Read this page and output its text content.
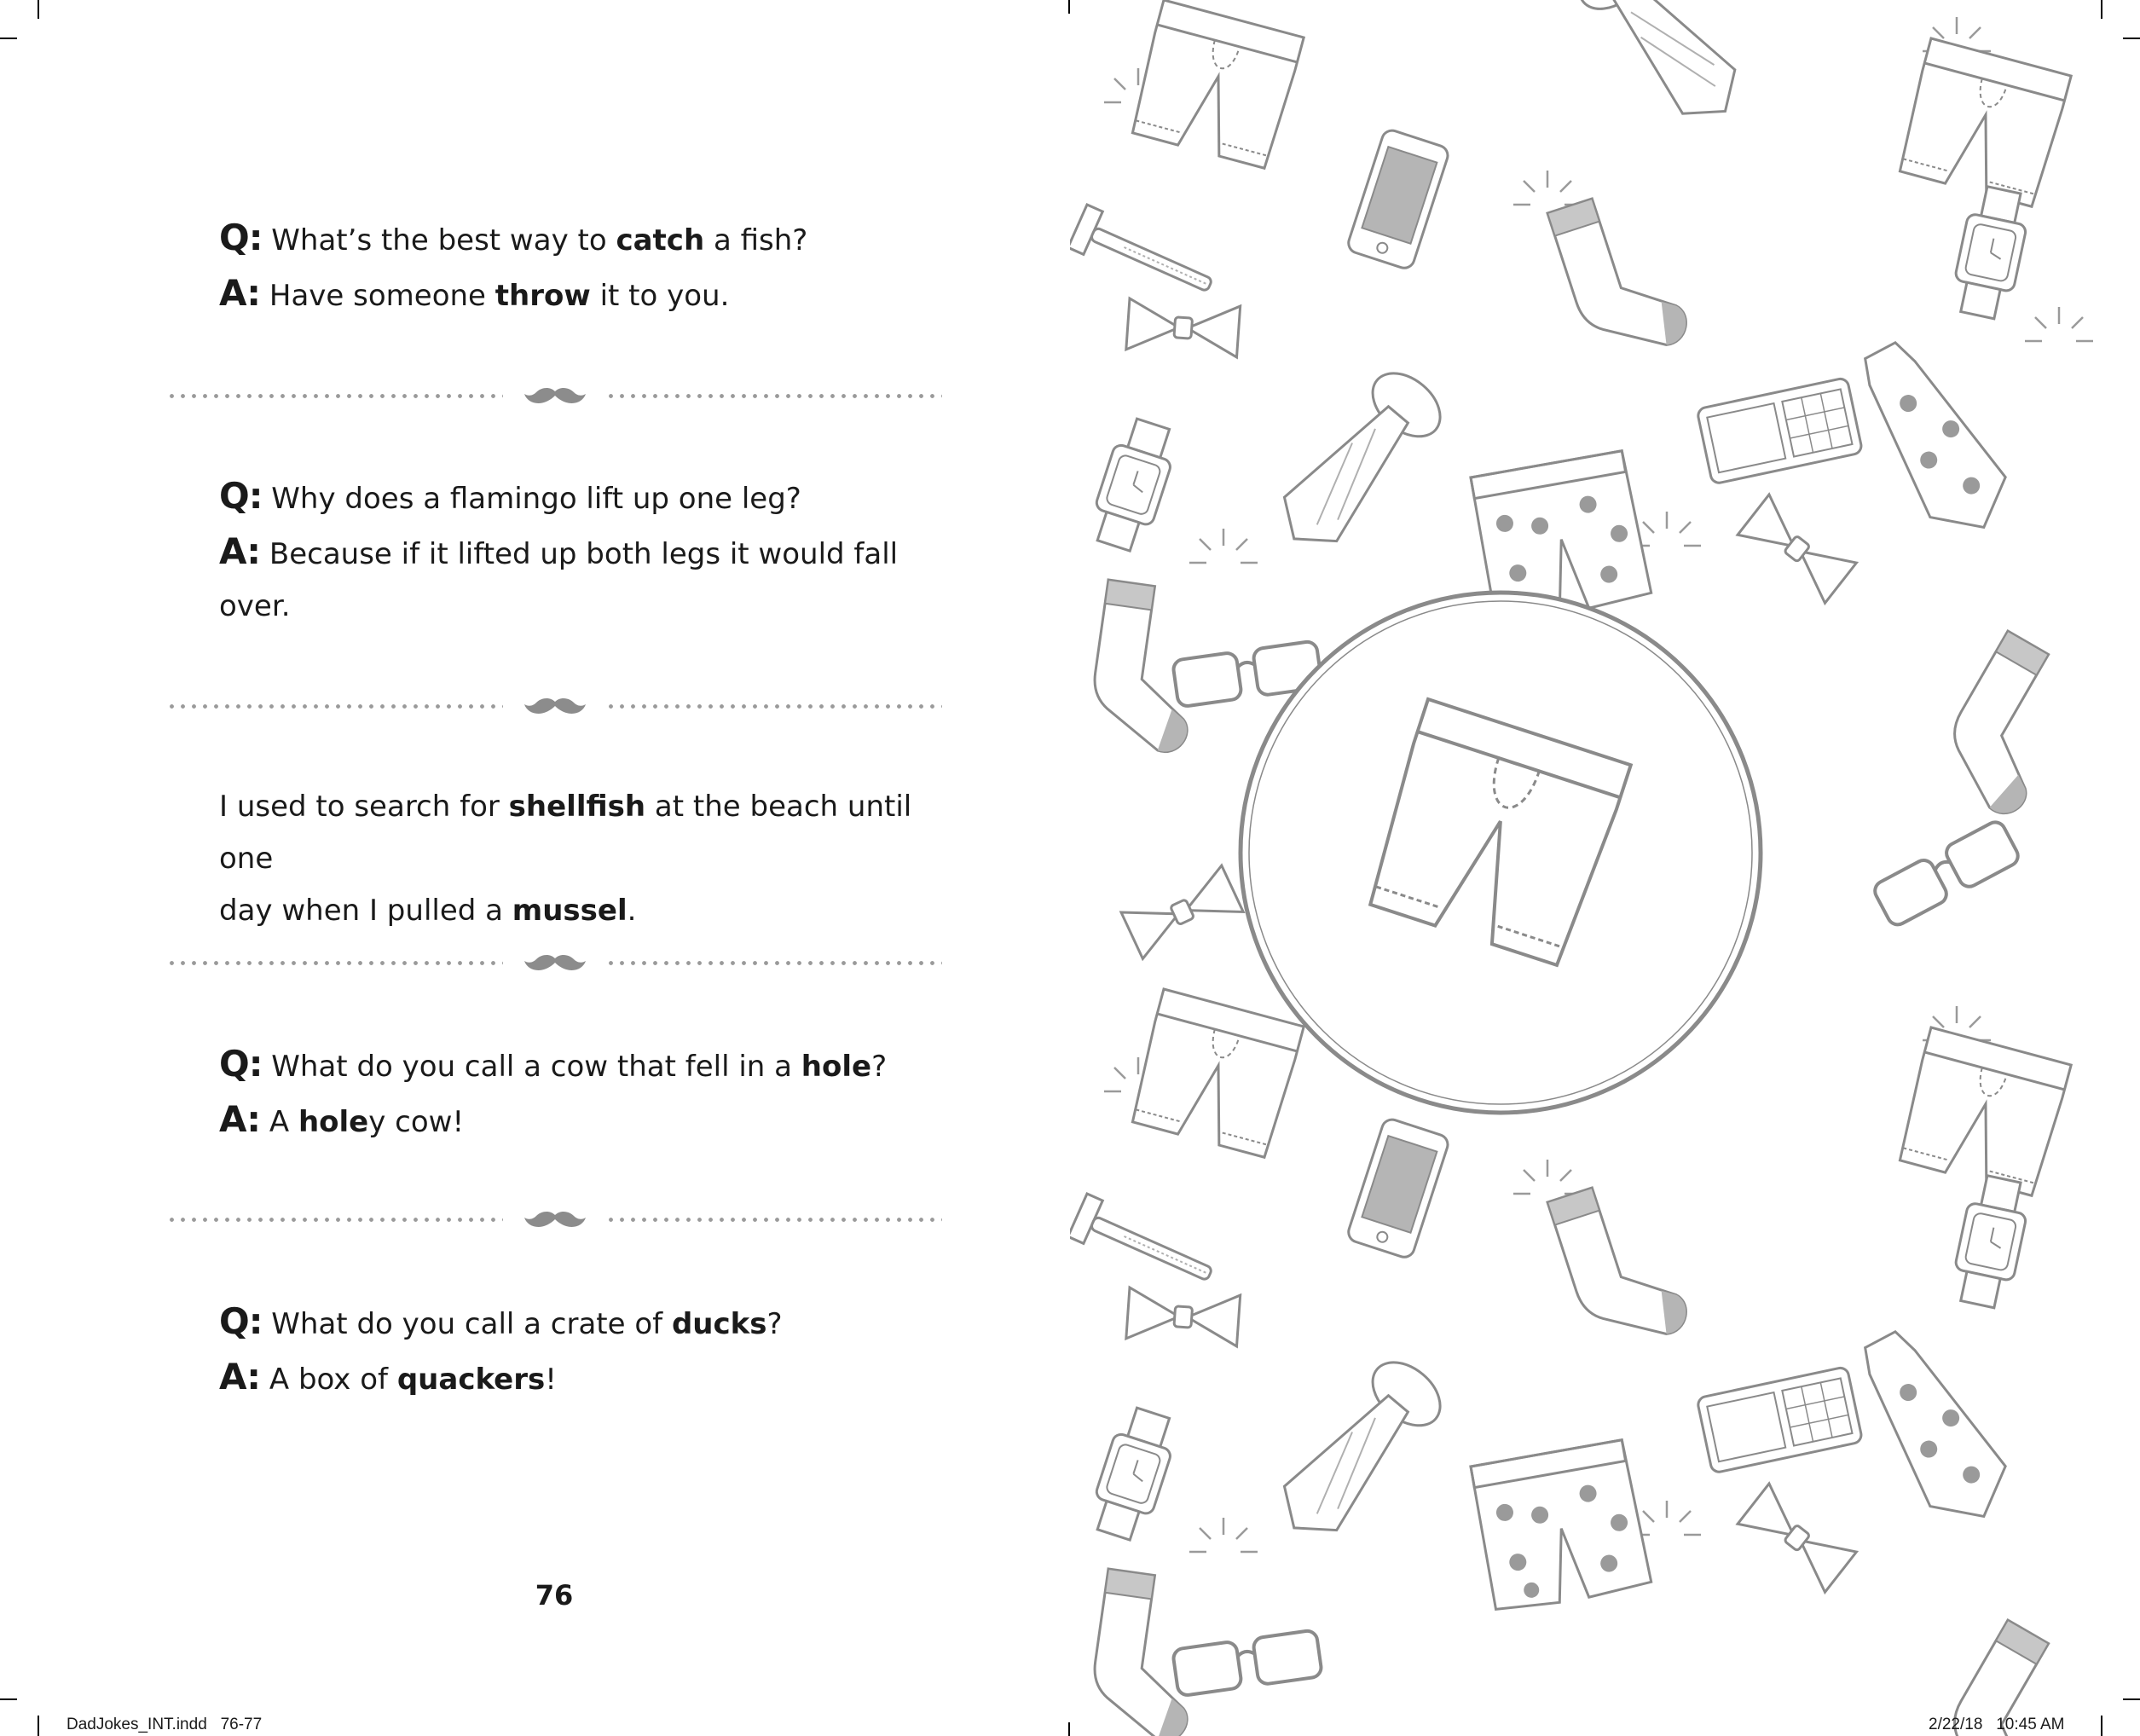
Q: What’s the best way to catch a fish?
A: Have someone throw it to you.
Q: Why does a flamingo lift up one leg?
A: Because if it lifted up both legs it would fall
over.
I used to search for shellfish at the beach until one
day when I pulled a mussel.
Q: What do you call a cow that fell in a hole?
A: A holey cow!
Q: What do you call a crate of ducks?
A: A box of quackers!
76
DadJokes_INT.indd   76-77	2/22/18   10:45 AM
